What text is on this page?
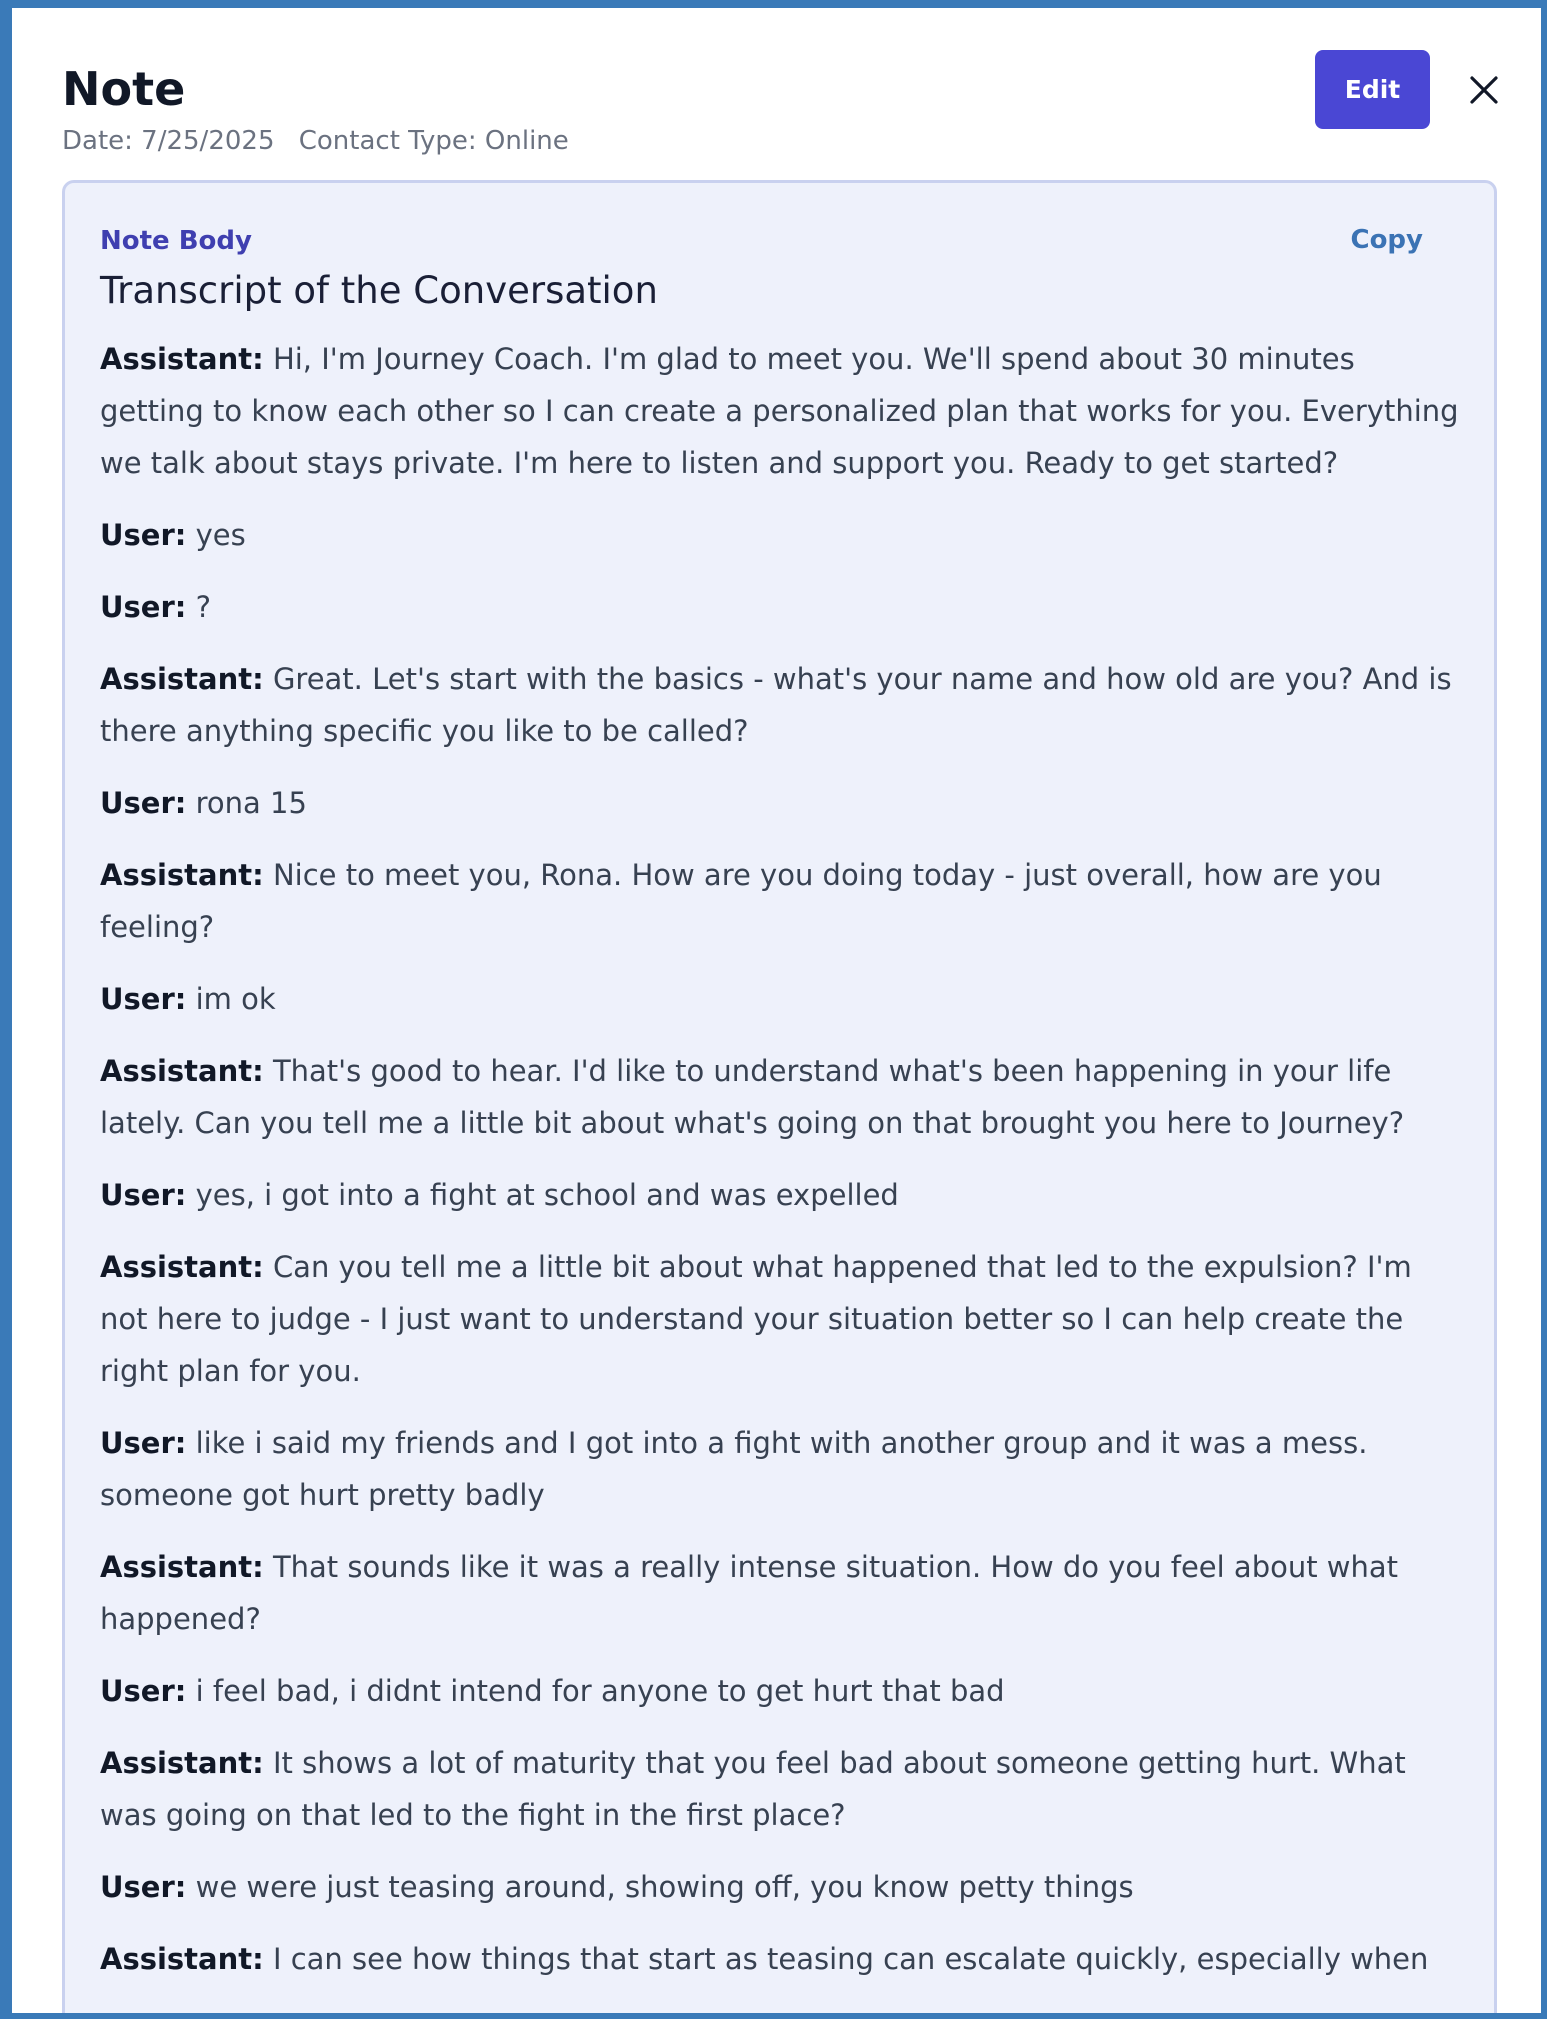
Note
Date: 7/25/2025 Contact Type: Online
Edit
Note Body	Copy
Transcript of the Conversation

Assistant: Hi, I'm Journey Coach. I'm glad to meet you. We'll spend about 30 minutes getting to know each other so I can create a personalized plan that works for you. Everything we talk about stays private. I'm here to listen and support you. Ready to get started?

User: yes

User: ?

Assistant: Great. Let's start with the basics - what's your name and how old are you? And is there anything specific you like to be called?

User: rona 15

Assistant: Nice to meet you, Rona. How are you doing today - just overall, how are you feeling?

User: im ok

Assistant: That's good to hear. I'd like to understand what's been happening in your life lately. Can you tell me a little bit about what's going on that brought you here to Journey?

User: yes, i got into a fight at school and was expelled

Assistant: Can you tell me a little bit about what happened that led to the expulsion? I'm not here to judge - I just want to understand your situation better so I can help create the right plan for you.

User: like i said my friends and I got into a fight with another group and it was a mess. someone got hurt pretty badly

Assistant: That sounds like it was a really intense situation. How do you feel about what happened?

User: i feel bad, i didnt intend for anyone to get hurt that bad

Assistant: It shows a lot of maturity that you feel bad about someone getting hurt. What was going on that led to the fight in the first place?

User: we were just teasing around, showing off, you know petty things

Assistant: I can see how things that start as teasing can escalate quickly, especially when
